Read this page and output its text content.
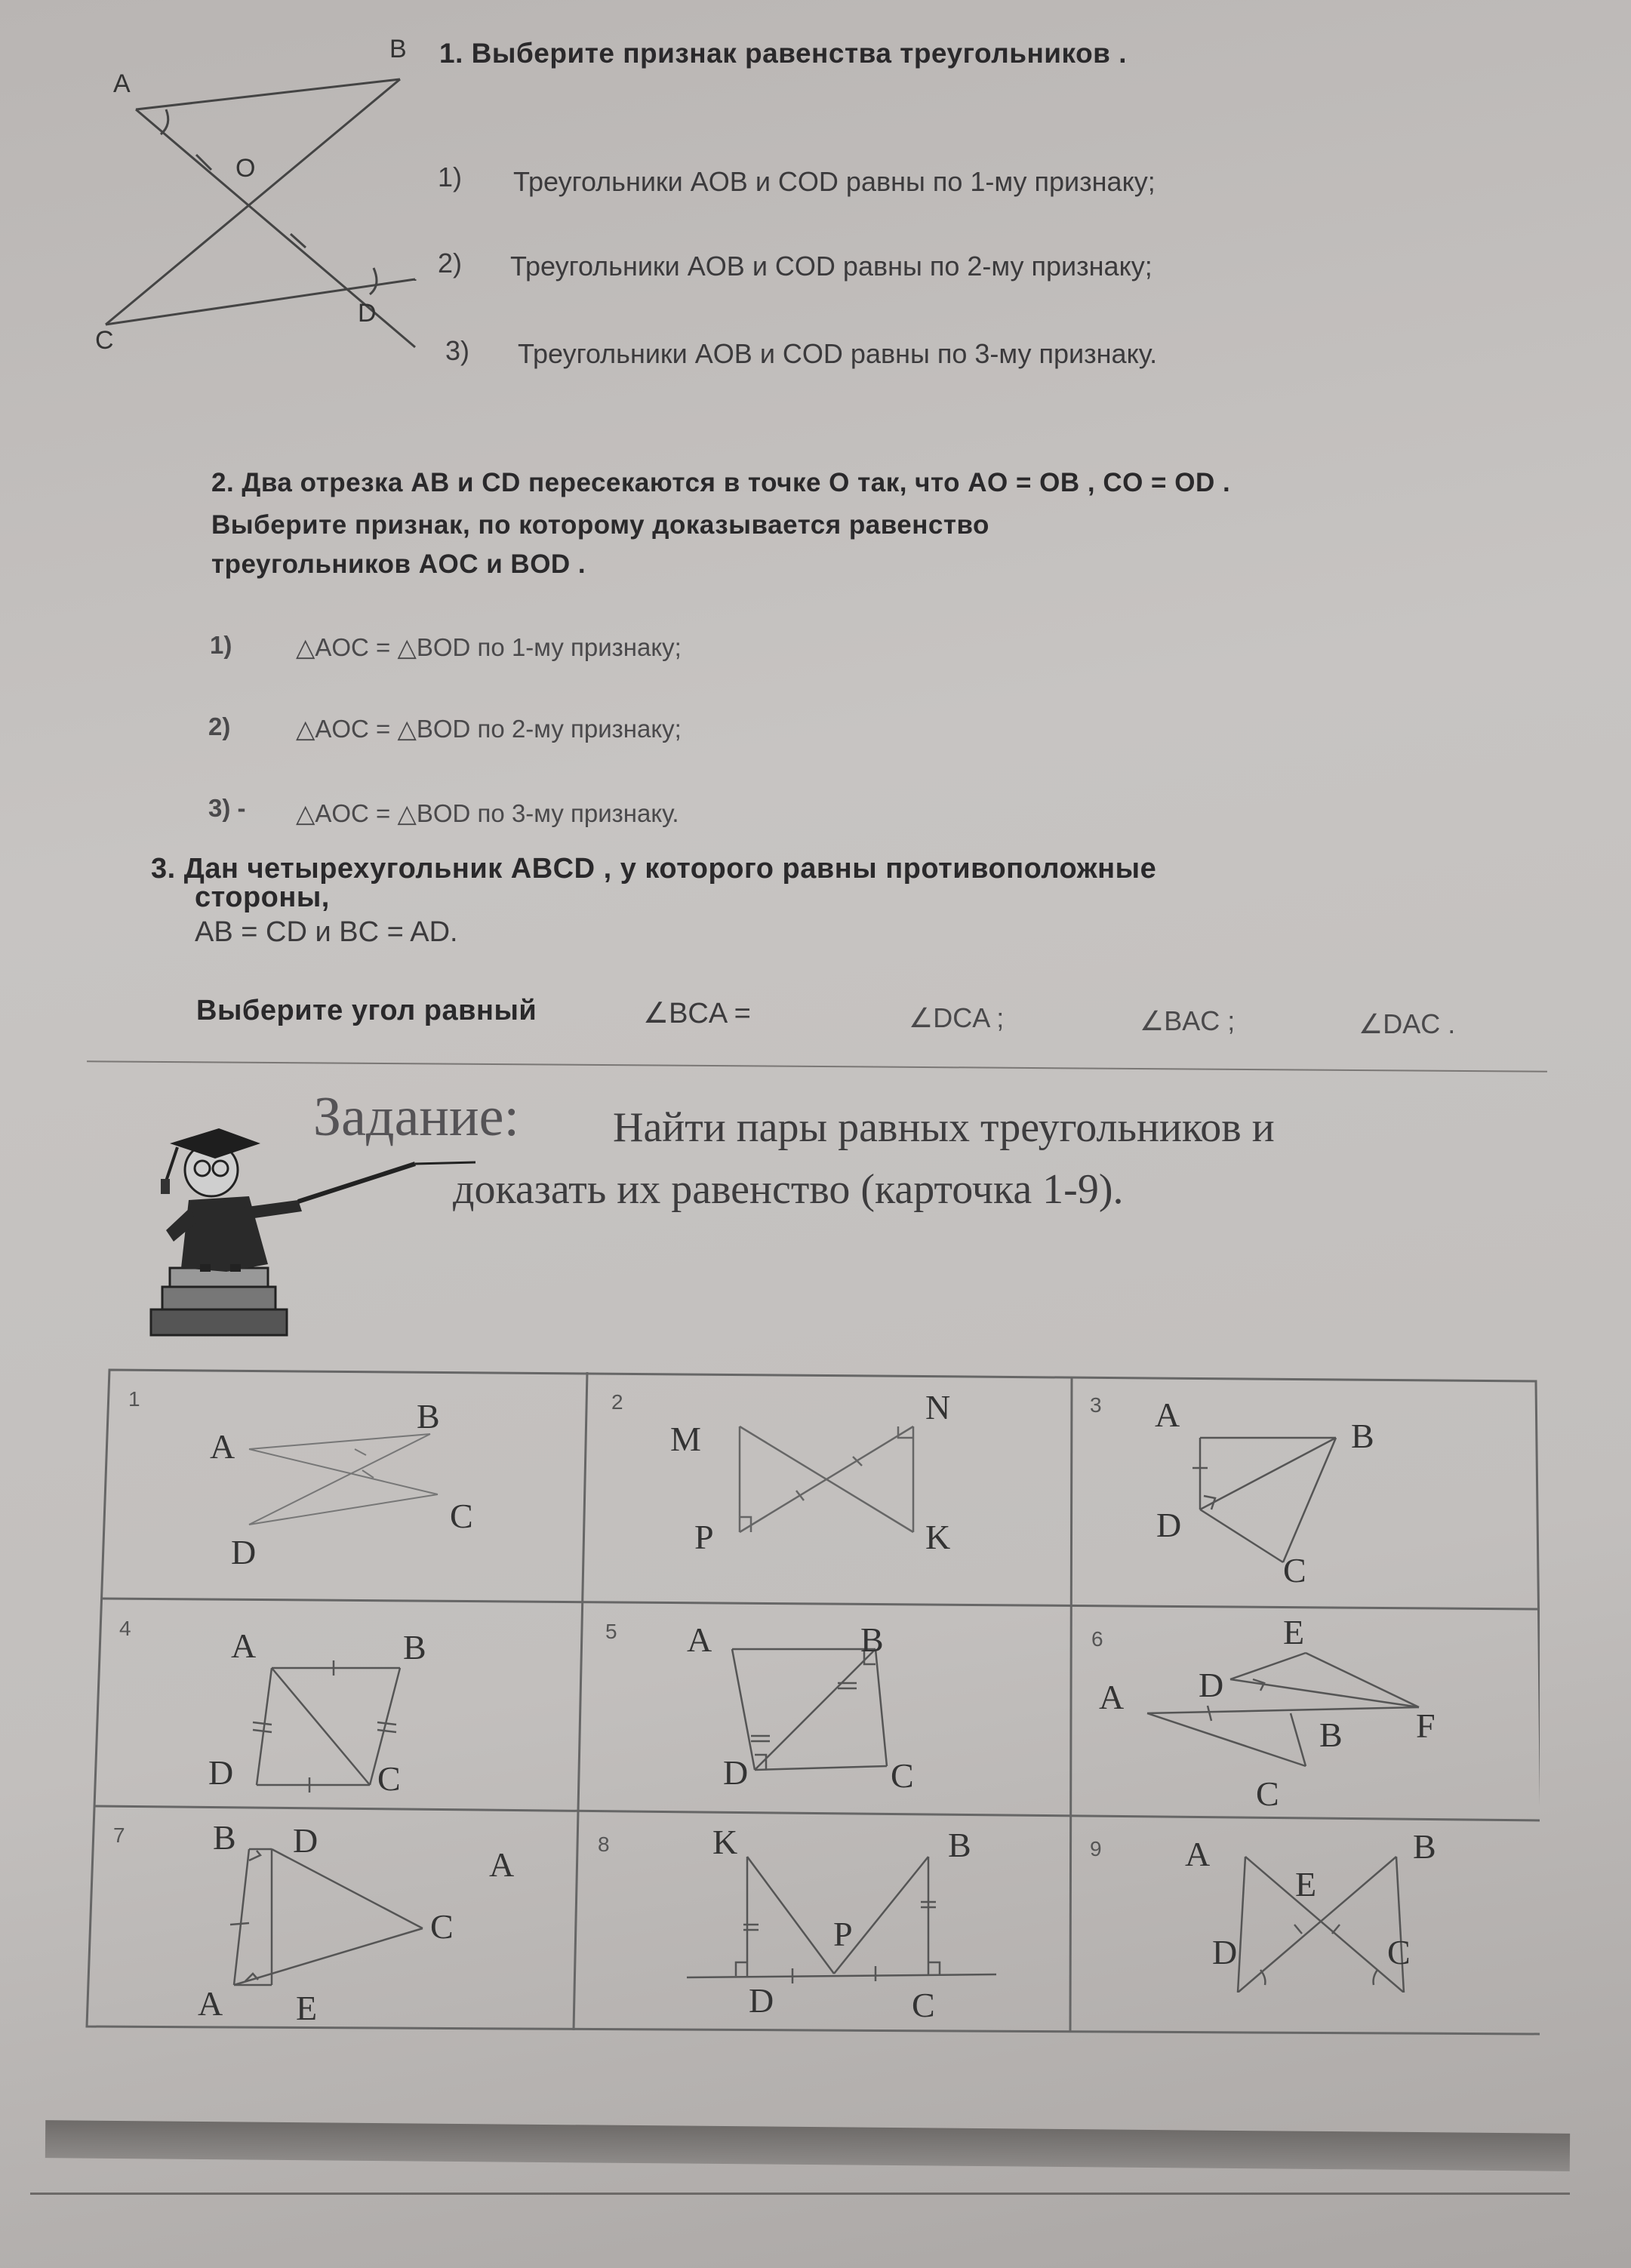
A
B
O
C
D
1. Выберите признак равенства треугольников .
1) Треугольники AOB и COD равны по 1-му признаку;
2) Треугольники AOB и COD равны по 2-му признаку;
3) Треугольники AOB и COD равны по 3-му признаку.
2. Два отрезка AB и CD пересекаются в точке O так, что AO = OB , CO = OD .
Выберите признак, по которому доказывается равенство
треугольников AOC и BOD .
1)	△AOC = △BOD по 1-му признаку;
2)	△AOC = △BOD по 2-му признаку;
3) - △AOC = △BOD по 3-му признаку.
3. Дан четырехугольник ABCD , у которого равны противоположные
стороны,
AB = CD и BC = AD.
Выберите угол равный	∠BCA =	∠DCA ;	∠BAC ;	∠DAC .
Задание: Найти пары равных треугольников и
доказать их равенство (карточка 1-9).
1	B
A
C
D
2
M
N
P	K
3 A
B
D
C
4	A	B
D	C
5 A	B
D	C
6	E
A D
F
B
C
7	B D
A
C
A E
8	K	B
P
D	C
9 A	B
E
D	C
